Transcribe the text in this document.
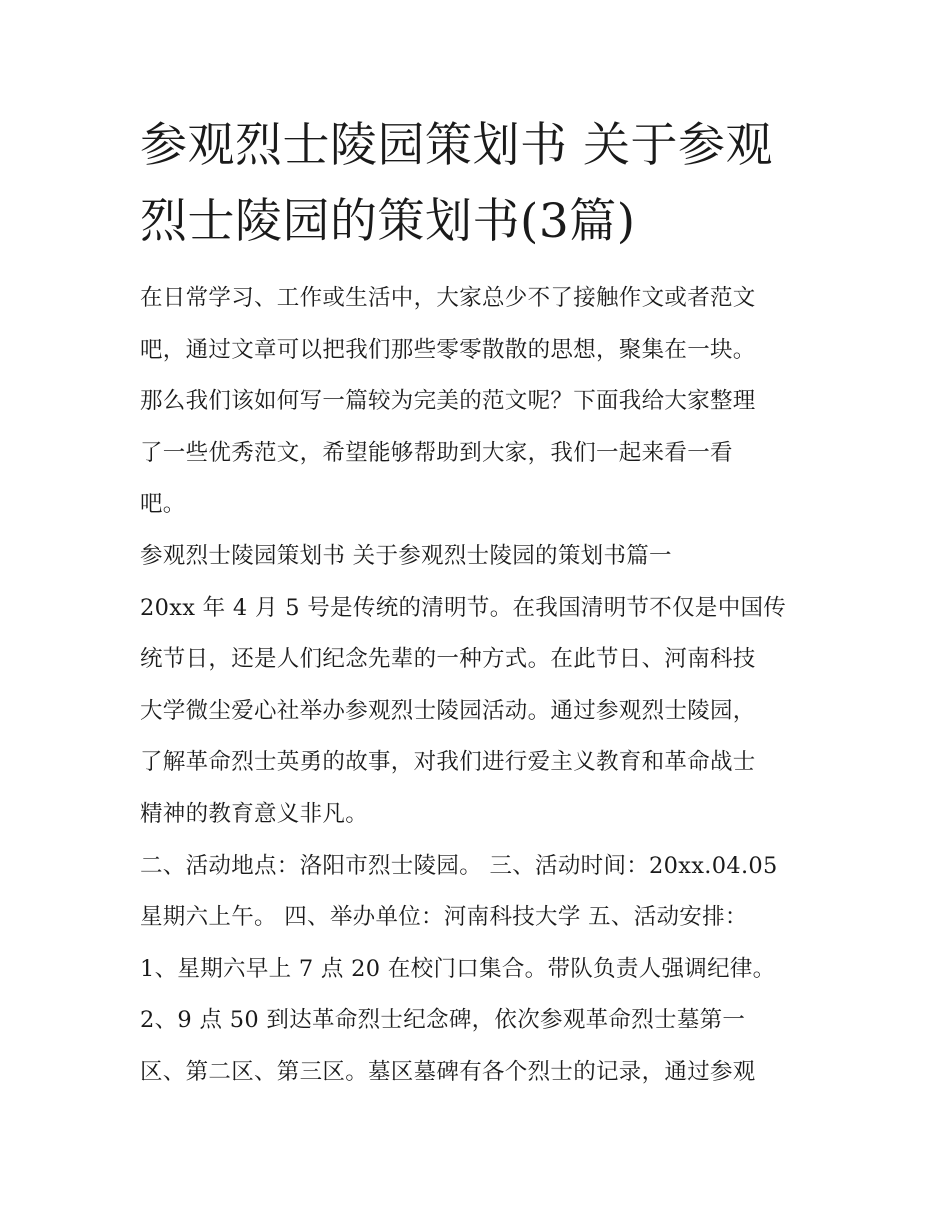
参观烈士陵园策划书 关于参观
烈士陵园的策划书(3篇)
在日常学习、工作或生活中，大家总少不了接触作文或者范文
吧，通过文章可以把我们那些零零散散的思想，聚集在一块。
那么我们该如何写一篇较为完美的范文呢？下面我给大家整理
了一些优秀范文，希望能够帮助到大家，我们一起来看一看
吧。
参观烈士陵园策划书 关于参观烈士陵园的策划书篇一
20xx 年 4 月 5 号是传统的清明节。在我国清明节不仅是中国传
统节日，还是人们纪念先辈的一种方式。在此节日、河南科技
大学微尘爱心社举办参观烈士陵园活动。通过参观烈士陵园，
了解革命烈士英勇的故事，对我们进行爱主义教育和革命战士
精神的教育意义非凡。
二、活动地点：洛阳市烈士陵园。 三、活动时间：20xx.04.05
星期六上午。 四、举办单位：河南科技大学 五、活动安排：
1、星期六早上 7 点 20 在校门口集合。带队负责人强调纪律。
2、9 点 50 到达革命烈士纪念碑，依次参观革命烈士墓第一
区、第二区、第三区。墓区墓碑有各个烈士的记录，通过参观
